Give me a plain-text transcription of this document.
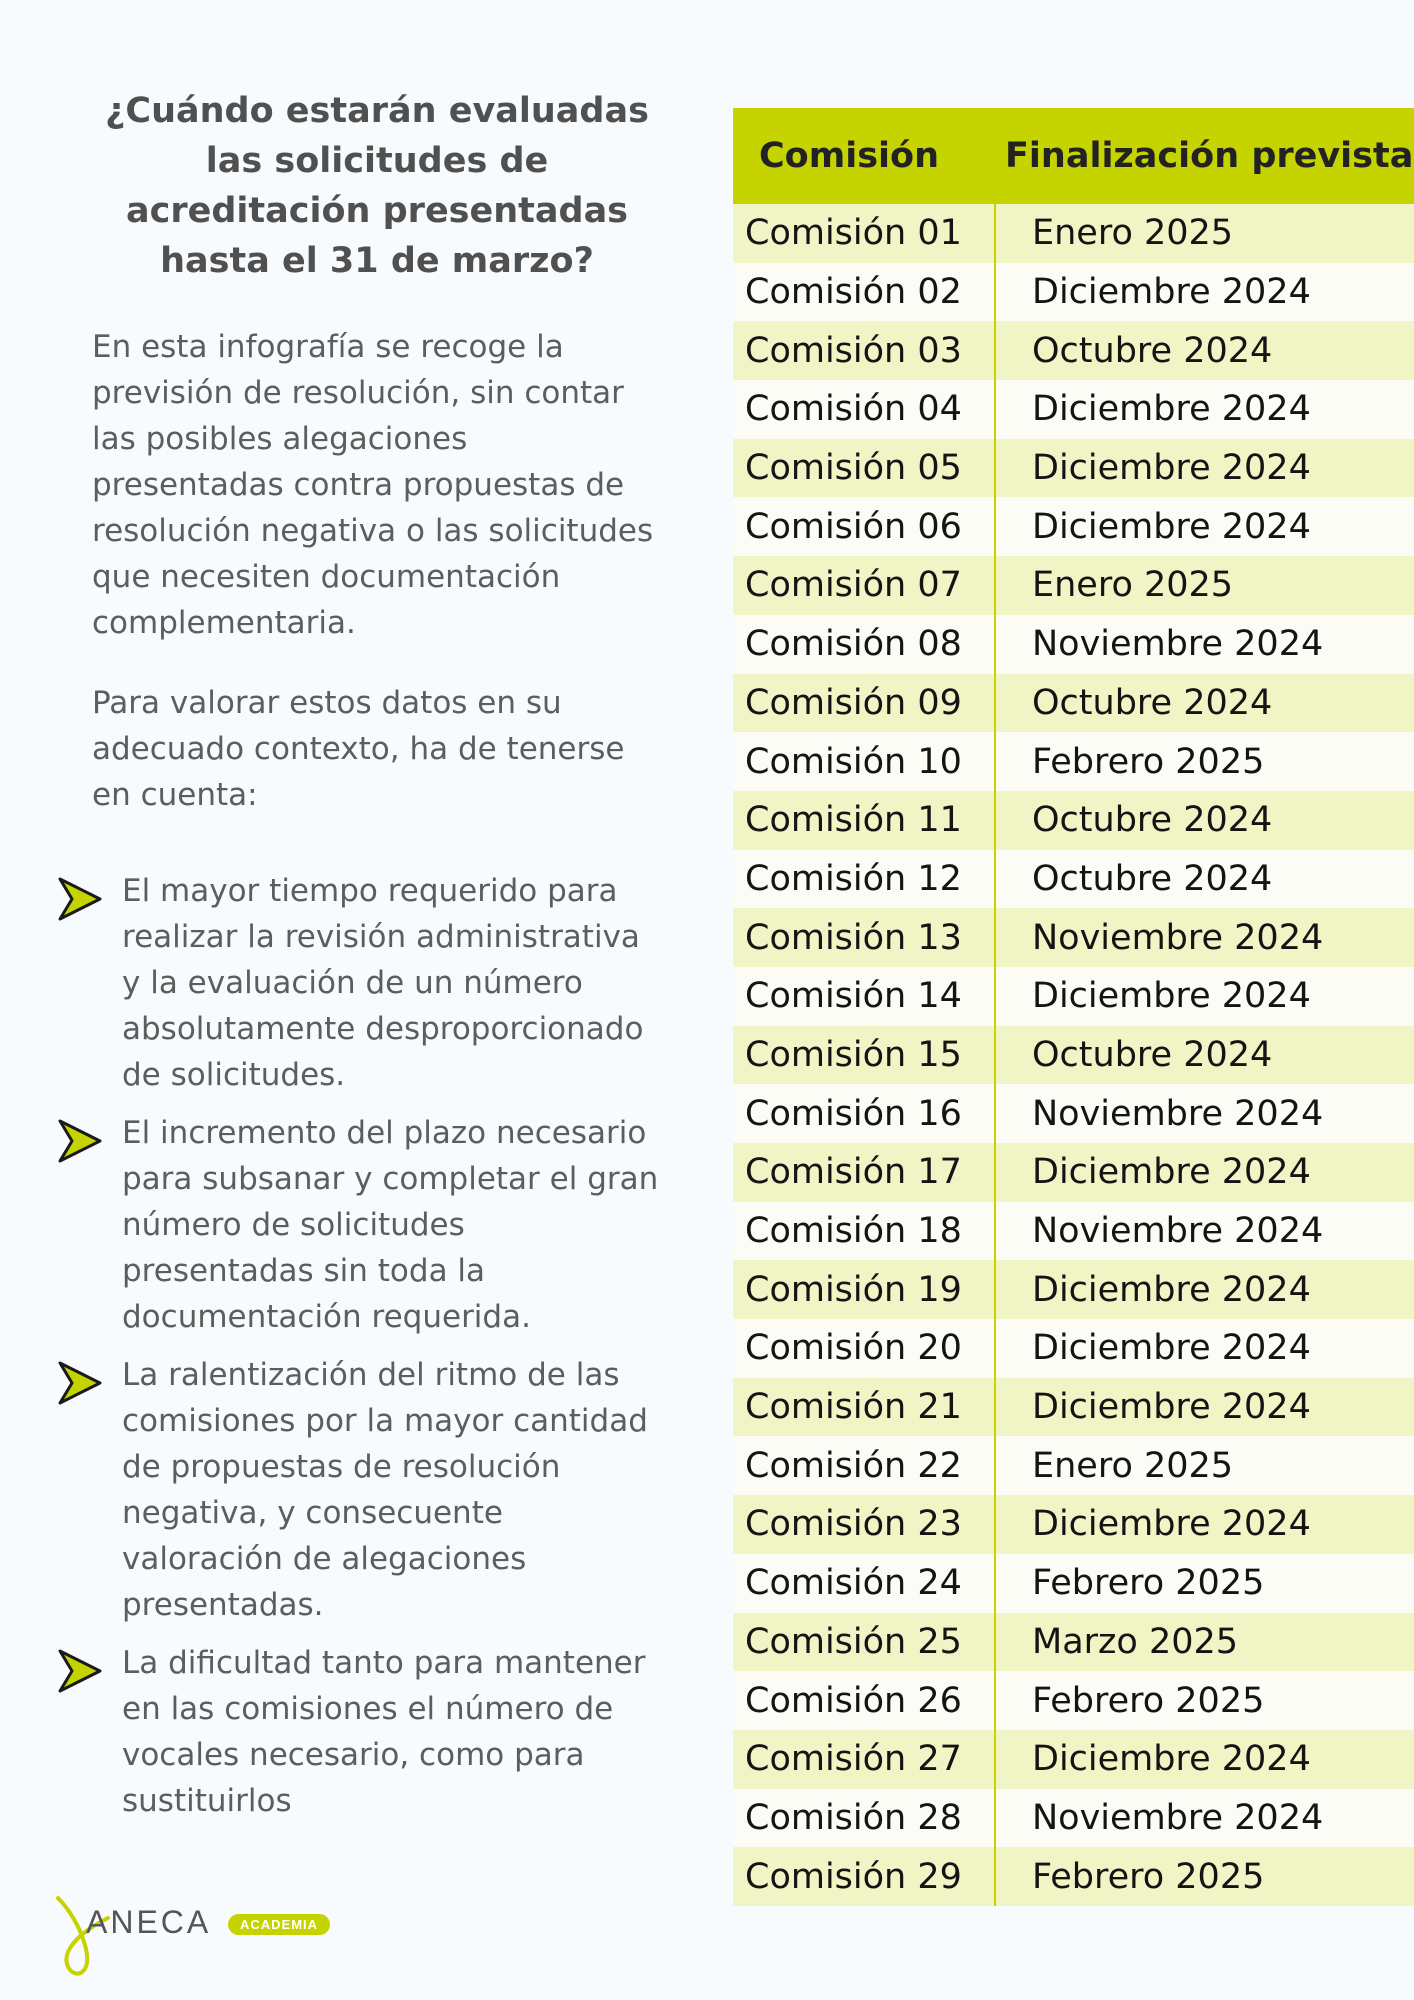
¿Cuándo estarán evaluadas las solicitudes de acreditación presentadas hasta el 31 de marzo?

En esta infografía se recoge la previsión de resolución, sin contar las posibles alegaciones presentadas contra propuestas de resolución negativa o las solicitudes que necesiten documentación complementaria.

Para valorar estos datos en su adecuado contexto, ha de tenerse en cuenta:

El mayor tiempo requerido para realizar la revisión administrativa y la evaluación de un número absolutamente desproporcionado de solicitudes.
El incremento del plazo necesario para subsanar y completar el gran número de solicitudes presentadas sin toda la documentación requerida.
La ralentización del ritmo de las comisiones por la mayor cantidad de propuestas de resolución negativa, y consecuente valoración de alegaciones presentadas.
La dificultad tanto para mantener en las comisiones el número de vocales necesario, como para sustituirlos
Comisión	Finalización prevista
Comisión 01	Enero 2025
Comisión 02	Diciembre 2024
Comisión 03	Octubre 2024
Comisión 04	Diciembre 2024
Comisión 05	Diciembre 2024
Comisión 06	Diciembre 2024
Comisión 07	Enero 2025
Comisión 08	Noviembre 2024
Comisión 09	Octubre 2024
Comisión 10	Febrero 2025
Comisión 11	Octubre 2024
Comisión 12	Octubre 2024
Comisión 13	Noviembre 2024
Comisión 14	Diciembre 2024
Comisión 15	Octubre 2024
Comisión 16	Noviembre 2024
Comisión 17	Diciembre 2024
Comisión 18	Noviembre 2024
Comisión 19	Diciembre 2024
Comisión 20	Diciembre 2024
Comisión 21	Diciembre 2024
Comisión 22	Enero 2025
Comisión 23	Diciembre 2024
Comisión 24	Febrero 2025
Comisión 25	Marzo 2025
Comisión 26	Febrero 2025
Comisión 27	Diciembre 2024
Comisión 28	Noviembre 2024
Comisión 29	Febrero 2025
ANECA	ACADEMIA
